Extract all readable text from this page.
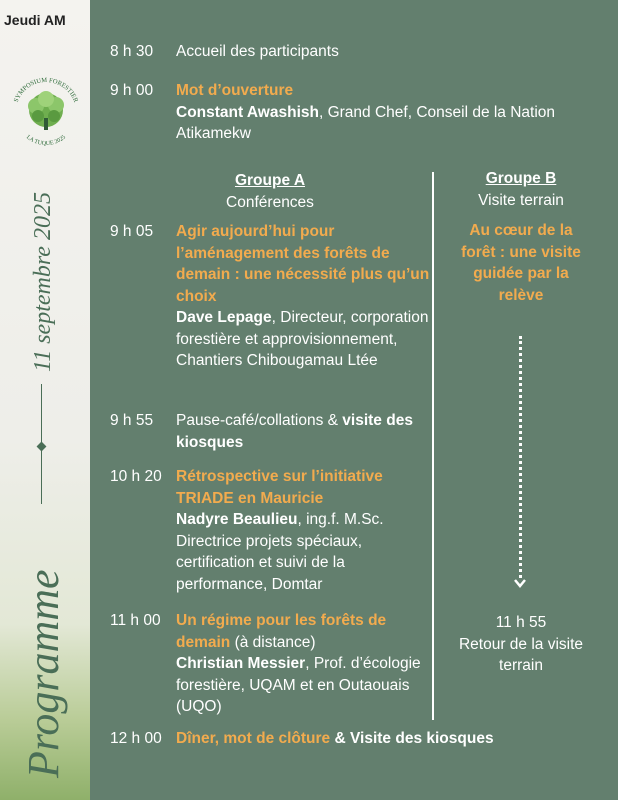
Jeudi AM
SYMPOSIUM FORESTIER
LA TUQUE 2025
11 septembre 2025
Programme
8 h 30 Accueil des participants
9 h 00 Mot d’ouverture
Constant Awashish, Grand Chef, Conseil de la Nation Atikamekw
Groupe A
Conférences
Groupe B
Visite terrain
9 h 05 Agir aujourd’hui pour l’aménagement des forêts de demain : une nécessité plus qu’un choix
Dave Lepage, Directeur, corporation forestière et approvisionnement, Chantiers Chibougamau Ltée
Au cœur de la forêt : une visite guidée par la relève
9 h 55 Pause-café/collations & visite des kiosques
10 h 20 Rétrospective sur l’initiative TRIADE en Mauricie
Nadyre Beaulieu, ing.f. M.Sc. Directrice projets spéciaux, certification et suivi de la performance, Domtar
11 h 00 Un régime pour les forêts de demain (à distance)
Christian Messier, Prof. d’écologie forestière, UQAM et en Outaouais (UQO)
11 h 55
Retour de la visite terrain
12 h 00 Dîner, mot de clôture & Visite des kiosques
